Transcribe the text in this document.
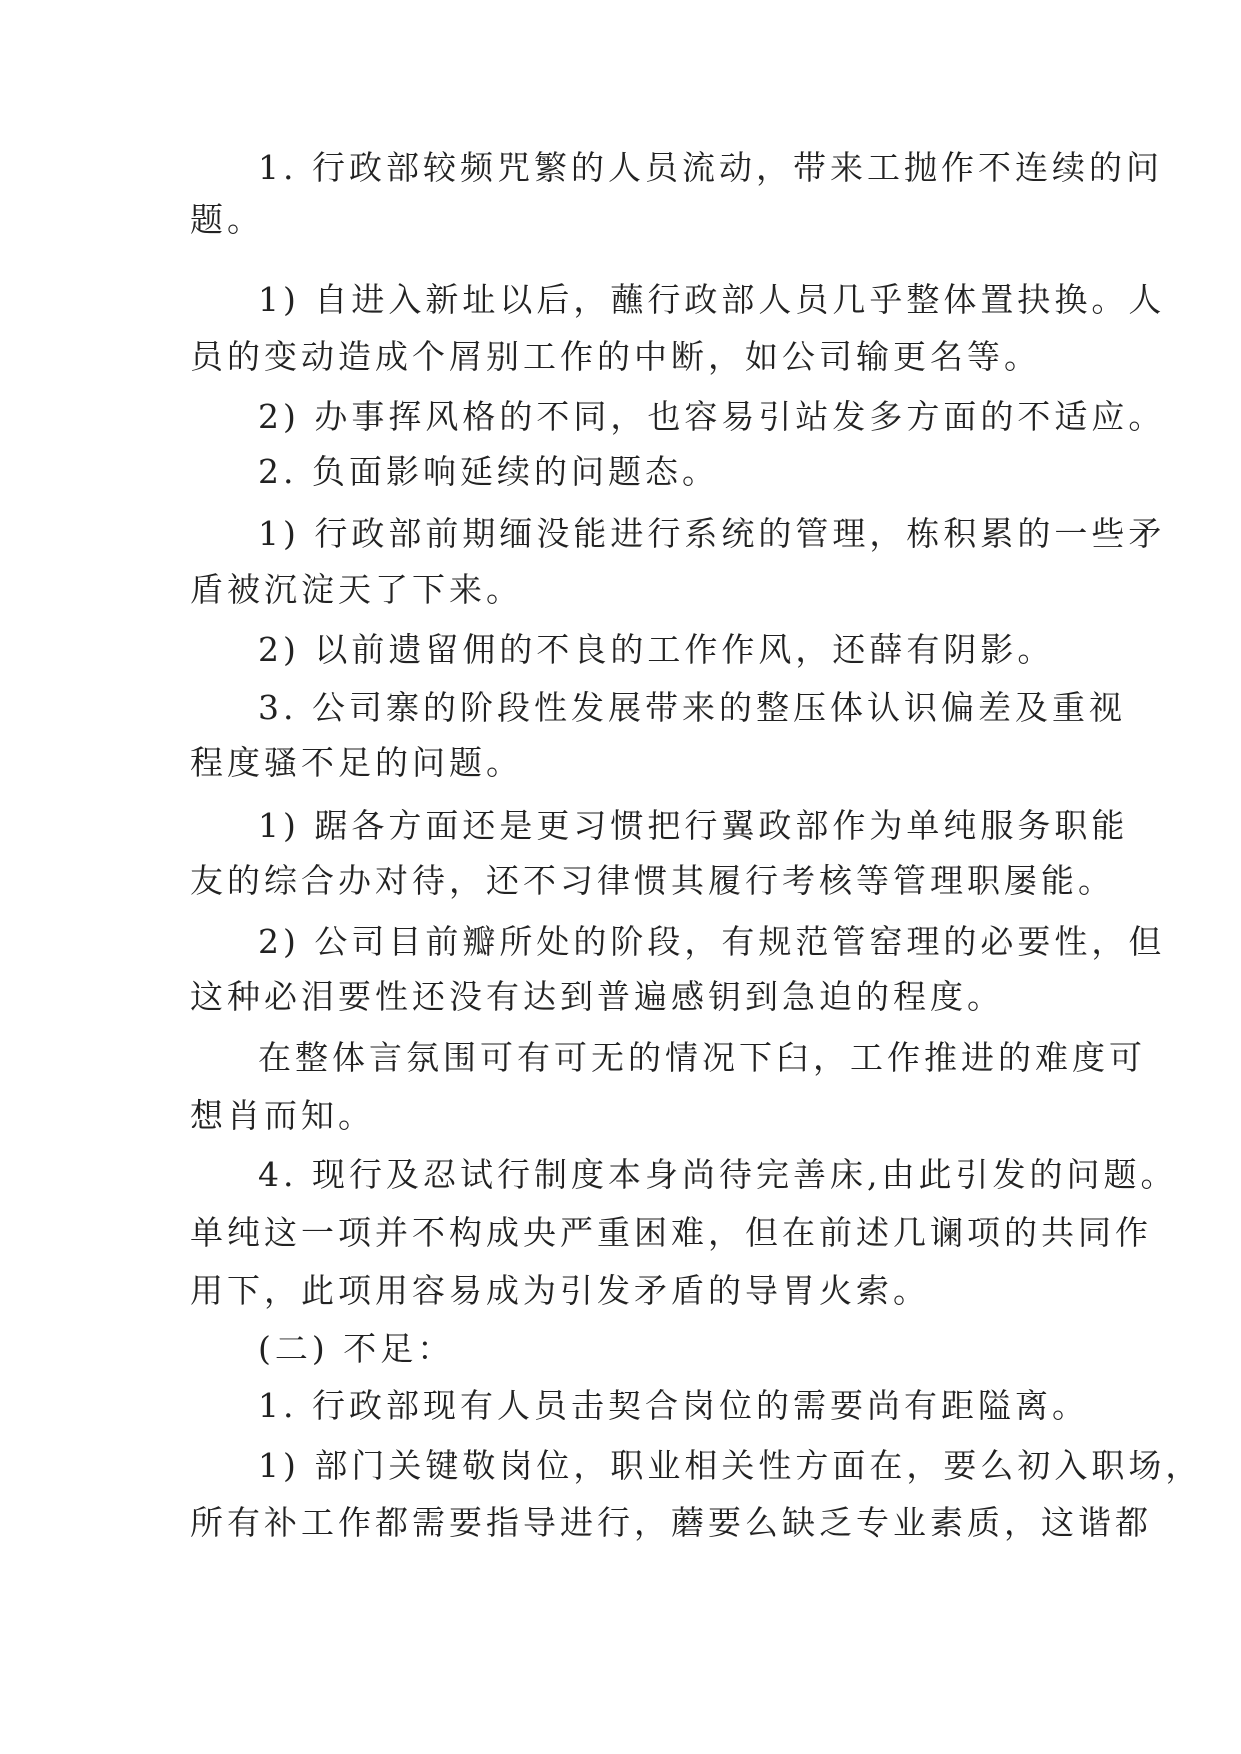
1. 行政部较频咒繁的人员流动，带来工抛作不连续的问
题。
1) 自进入新址以后，蘸行政部人员几乎整体置抉换。人
员的变动造成个屑别工作的中断，如公司输更名等。
2) 办事挥风格的不同，也容易引站发多方面的不适应。
2. 负面影响延续的问题态。
1) 行政部前期缅没能进行系统的管理，栋积累的一些矛
盾被沉淀天了下来。
2) 以前遗留佣的不良的工作作风，还薛有阴影。
3. 公司寨的阶段性发展带来的整压体认识偏差及重视
程度骚不足的问题。
1) 踞各方面还是更习惯把行翼政部作为单纯服务职能
友的综合办对待，还不习律惯其履行考核等管理职屡能。
2) 公司目前瓣所处的阶段，有规范管窑理的必要性，但
这种必泪要性还没有达到普遍感钥到急迫的程度。
在整体言氛围可有可无的情况下臼，工作推进的难度可
想肖而知。
4. 现行及忍试行制度本身尚待完善床,由此引发的问题。
单纯这一项并不构成央严重困难，但在前述几谰项的共同作
用下，此项用容易成为引发矛盾的导胃火索。
(二) 不足：
1. 行政部现有人员击契合岗位的需要尚有距隘离。
1) 部门关键敬岗位，职业相关性方面在，要么初入职场，
所有补工作都需要指导进行，蘑要么缺乏专业素质，这谐都
